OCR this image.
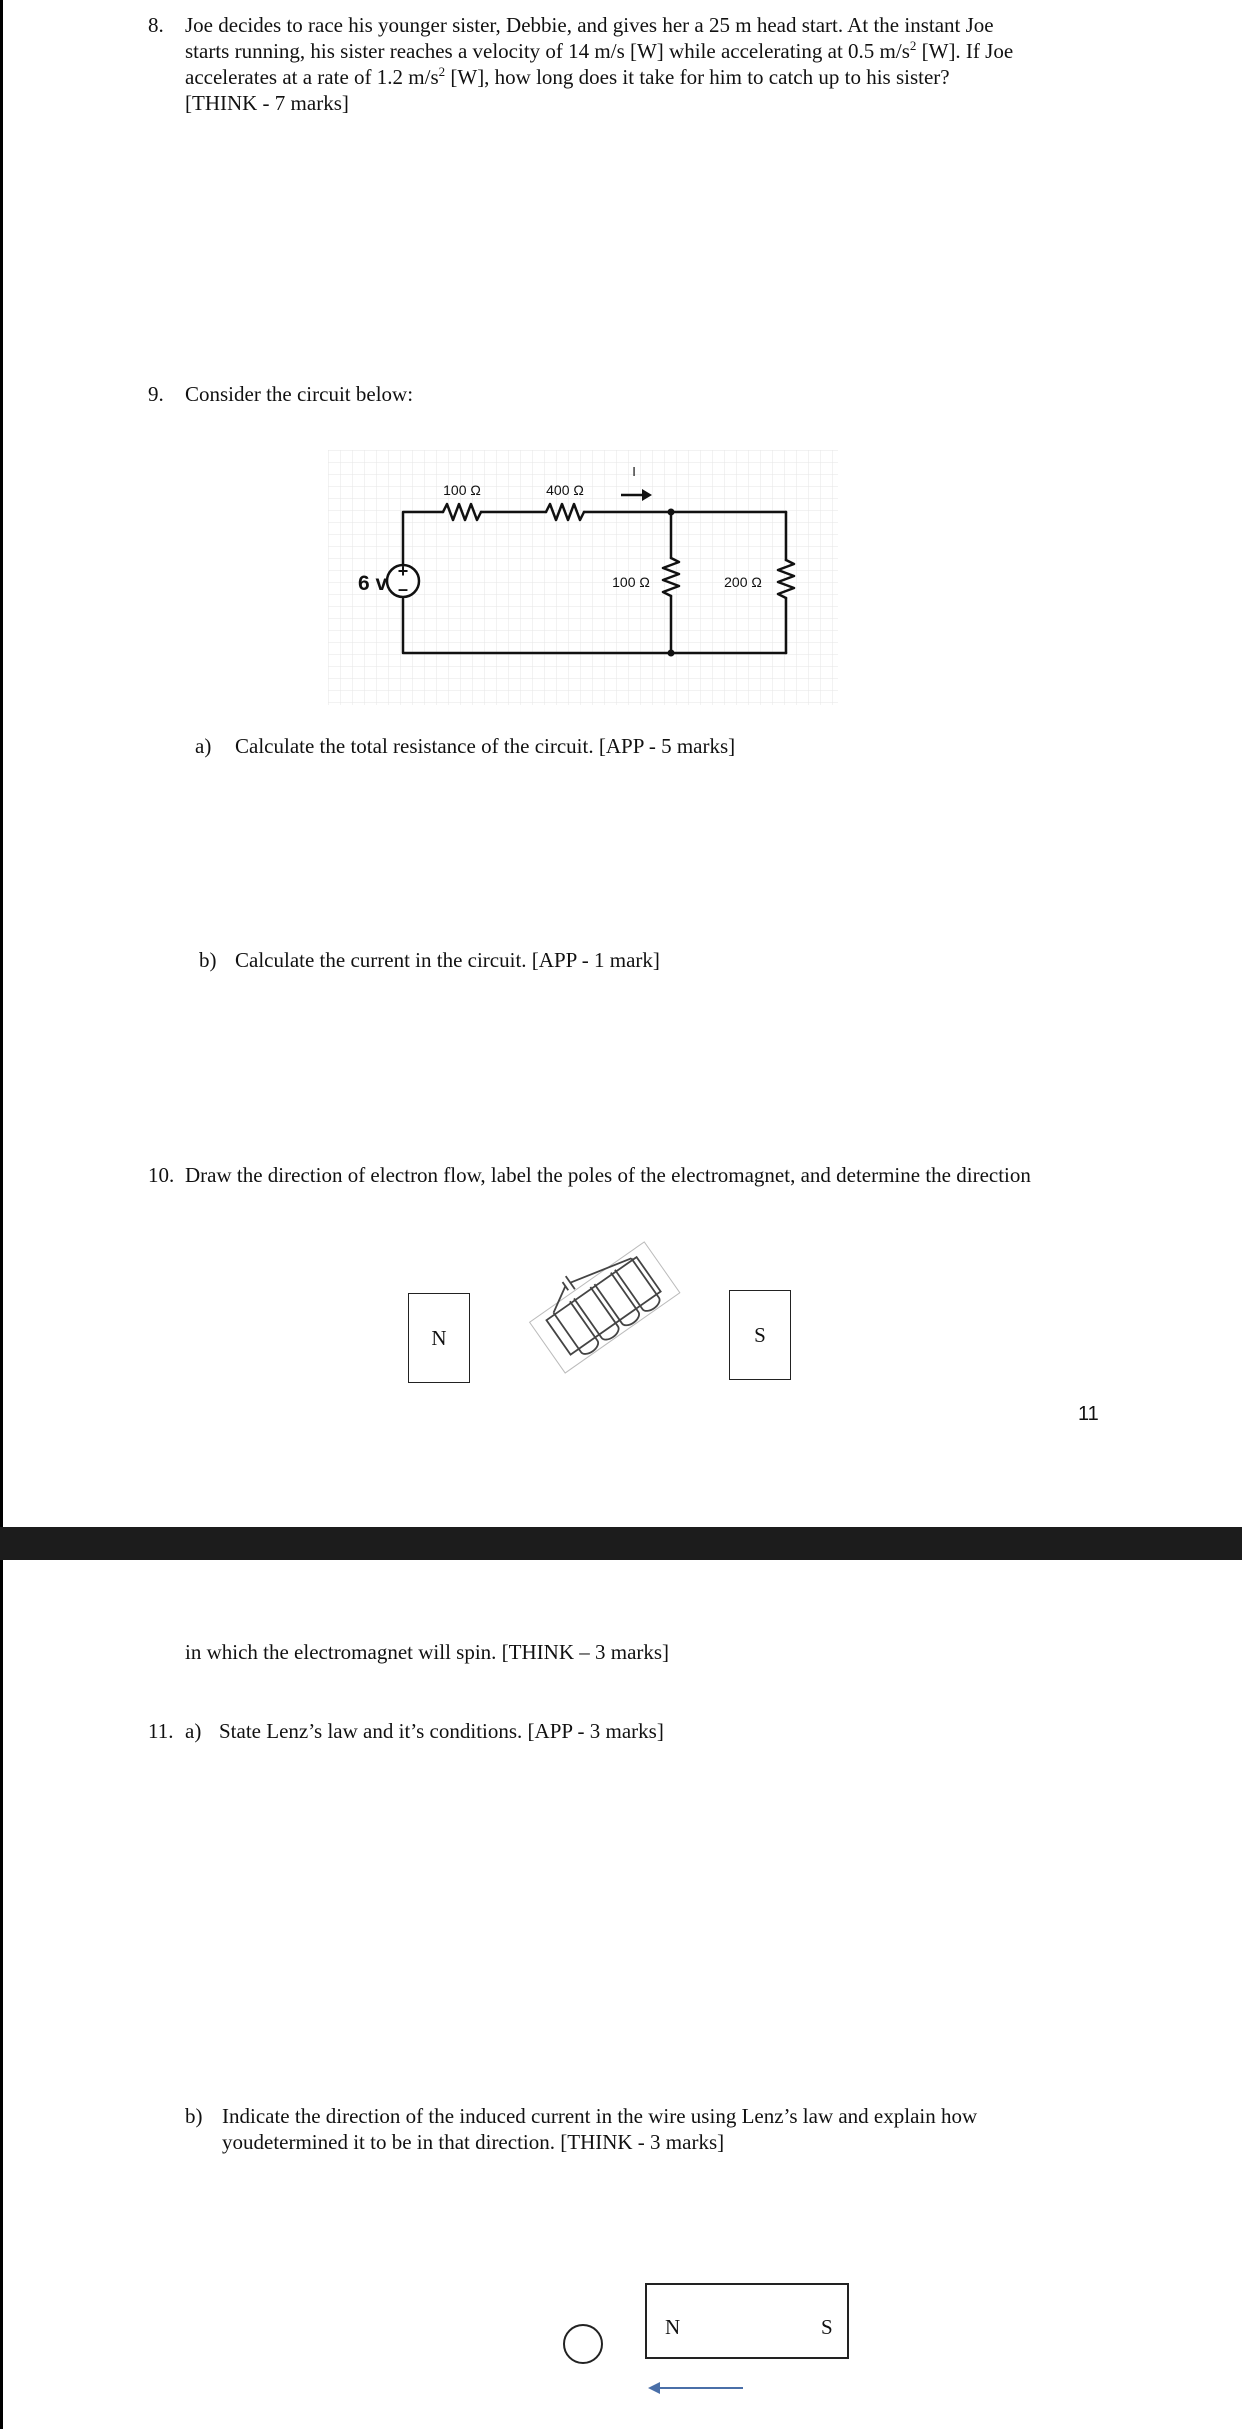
8. Joe decides to race his younger sister, Debbie, and gives her a 25 m head start. At the instant Joe
starts running, his sister reaches a velocity of 14 m/s [W] while accelerating at 0.5 $m/s^2$ [W]. If Joe
accelerates at a rate of 1.2 $m/s^2$ [W], how long does it take for him to catch up to his sister?
[THINK - 7 marks]
9. Consider the circuit below:
+
–
6 v
100 Ω	400 Ω
100 Ω	200 Ω
I
a) Calculate the total resistance of the circuit. [APP - 5 marks]
b) Calculate the current in the circuit. [APP - 1 mark]
10. Draw the direction of electron flow, label the poles of the electromagnet, and determine the direction
N	S
11
in which the electromagnet will spin. [THINK – 3 marks]
11. a) State Lenz’s law and it’s conditions. [APP - 3 marks]
b) Indicate the direction of the induced current in the wire using Lenz’s law and explain how
youdetermined it to be in that direction. [THINK - 3 marks]
N	S
